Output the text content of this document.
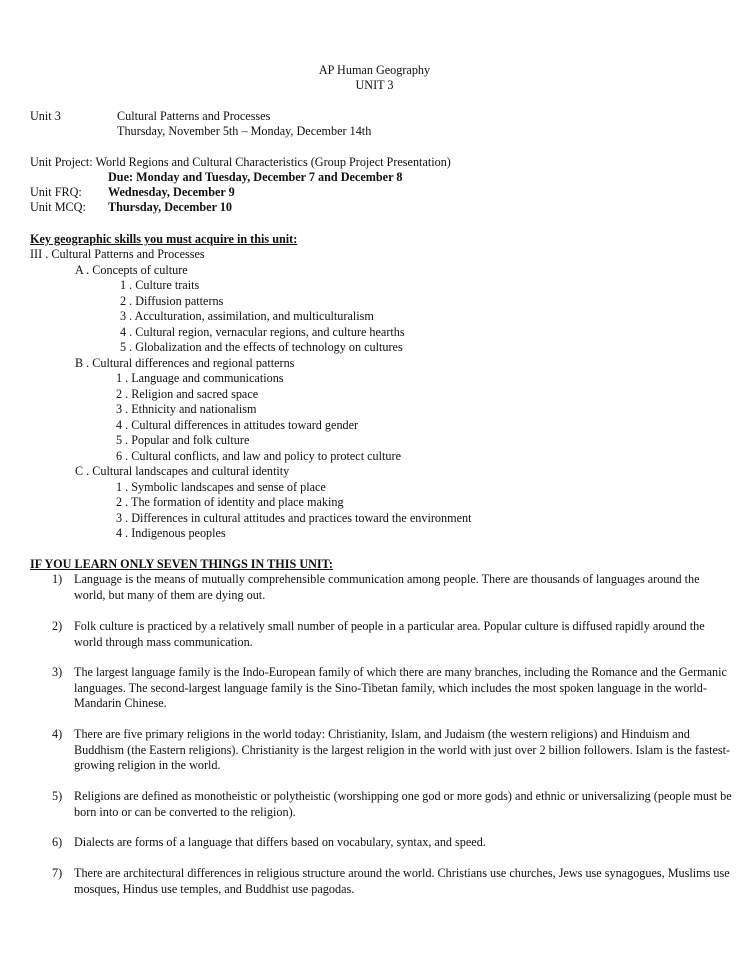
AP Human Geography
UNIT 3
Unit 3	Cultural Patterns and Processes
Thursday, November 5th – Monday, December 14th
Unit Project: World Regions and Cultural Characteristics (Group Project Presentation)
Due: Monday and Tuesday, December 7 and December 8
Unit FRQ: Wednesday, December 9
Unit MCQ: Thursday, December 10
Key geographic skills you must acquire in this unit:
III . Cultural Patterns and Processes
A . Concepts of culture
1 . Culture traits
2 . Diffusion patterns
3 . Acculturation, assimilation, and multiculturalism
4 . Cultural region, vernacular regions, and culture hearths
5 . Globalization and the effects of technology on cultures
B . Cultural differences and regional patterns
1 . Language and communications
2 . Religion and sacred space
3 . Ethnicity and nationalism
4 . Cultural differences in attitudes toward gender
5 . Popular and folk culture
6 . Cultural conflicts, and law and policy to protect culture
C . Cultural landscapes and cultural identity
1 . Symbolic landscapes and sense of place
2 . The formation of identity and place making
3 . Differences in cultural attitudes and practices toward the environment
4 . Indigenous peoples
IF YOU LEARN ONLY SEVEN THINGS IN THIS UNIT:
1) Language is the means of mutually comprehensible communication among people. There are thousands of languages around the world, but many of them are dying out.
2) Folk culture is practiced by a relatively small number of people in a particular area. Popular culture is diffused rapidly around the world through mass communication.
3) The largest language family is the Indo-European family of which there are many branches, including the Romance and the Germanic languages. The second-largest language family is the Sino-Tibetan family, which includes the most spoken language in the world-Mandarin Chinese.
4) There are five primary religions in the world today: Christianity, Islam, and Judaism (the western religions) and Hinduism and Buddhism (the Eastern religions). Christianity is the largest religion in the world with just over 2 billion followers. Islam is the fastest-growing religion in the world.
5) Religions are defined as monotheistic or polytheistic (worshipping one god or more gods) and ethnic or universalizing (people must be born into or can be converted to the religion).
6) Dialects are forms of a language that differs based on vocabulary, syntax, and speed.
7) There are architectural differences in religious structure around the world. Christians use churches, Jews use synagogues, Muslims use mosques, Hindus use temples, and Buddhist use pagodas.
